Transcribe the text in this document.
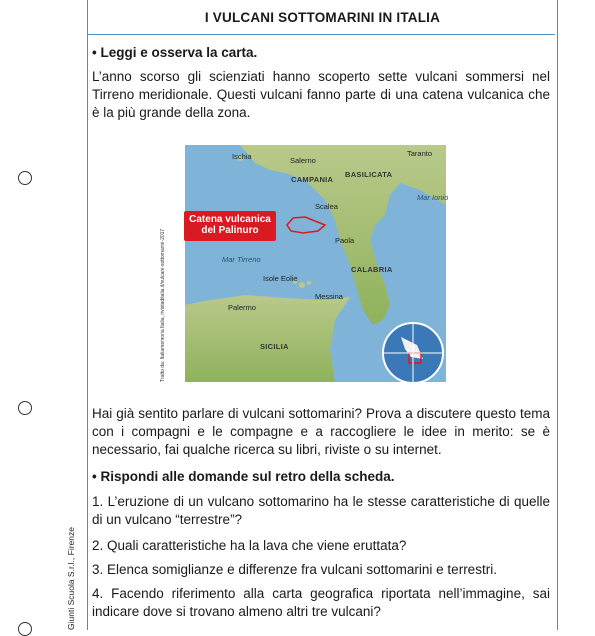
Giunti Scuola S.r.l., Firenze
I VULCANI SOTTOMARINI IN ITALIA
• Leggi e osserva la carta.
L’anno scorso gli scienziati hanno scoperto sette vulcani sommersi nel Tirreno meridionale. Questi vulcani fanno parte di una catena vulcanica che è la più grande della zona.
Tratto da: Italiamemoria Italia, rivistaditalia.it/vulcani-sottomarini-2017
Ischia	Salerno
CAMPANIA
BASILICATA
Taranto
Mar Ionio
Scalea
Paola
Mar Tirreno
Isole Eolie
CALABRIA
Palermo
Messina
SICILIA
Catena vulcanica del Palinuro
Hai già sentito parlare di vulcani sottomarini? Prova a discutere questo tema con i compagni e le compagne e a raccogliere le idee in merito: se è necessario, fai qualche ricerca su libri, riviste o su internet.
• Rispondi alle domande sul retro della scheda.
1. L’eruzione di un vulcano sottomarino ha le stesse caratteristiche di quelle di un vulcano “terrestre”?
2. Quali caratteristiche ha la lava che viene eruttata?
3. Elenca somiglianze e differenze fra vulcani sottomarini e terrestri.
4. Facendo riferimento alla carta geografica riportata nell’immagine, sai indicare dove si trovano almeno altri tre vulcani?
